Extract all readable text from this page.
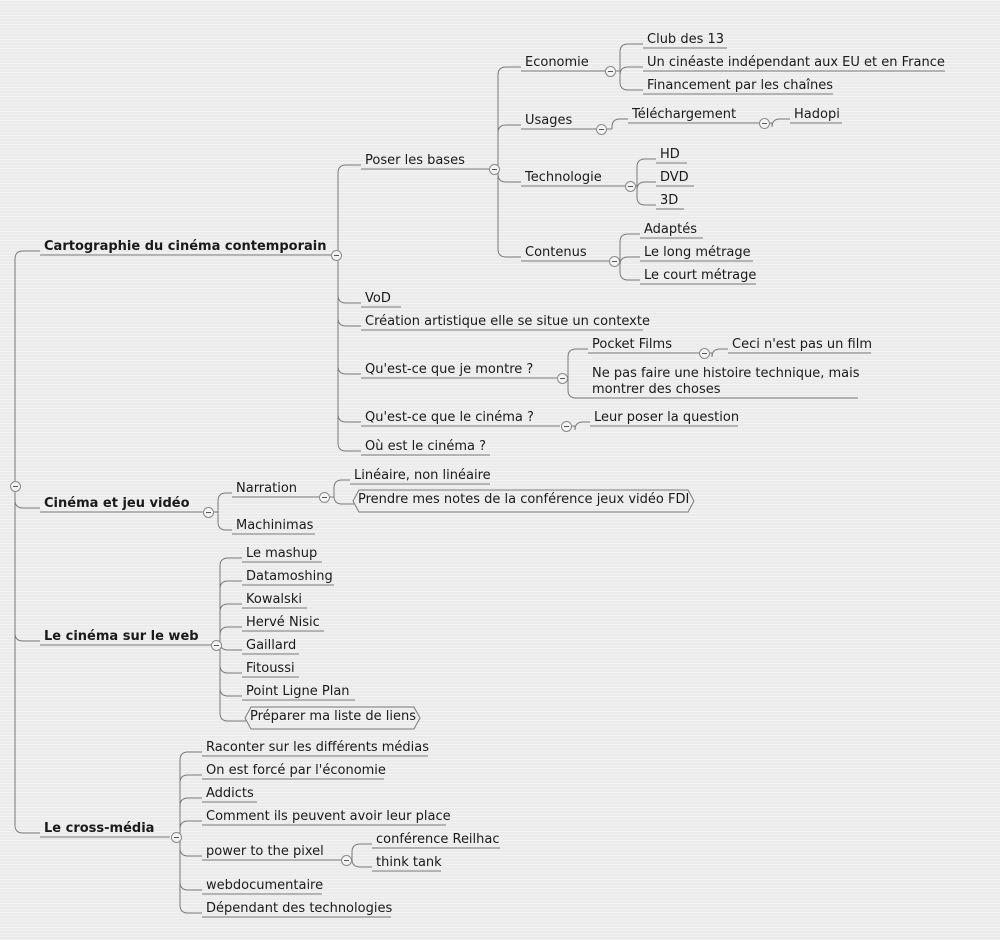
Cartographie du cinéma contemporain
Poser les bases
Economie
Club des 13
Un cinéaste indépendant aux EU et en France
Financement par les chaînes
Usages	Téléchargement	Hadopi
Technologie
HD
DVD
3D
Contenus
Adaptés
Le long métrage
Le court métrage
VoD
Création artistique elle se situe un contexte
Qu'est-ce que je montre ?
Pocket Films	Ceci n'est pas un film
Ne pas faire une histoire technique, mais montrer des choses
Qu'est-ce que le cinéma ?	Leur poser la question
Où est le cinéma ?
Cinéma et jeu vidéo
Narration
Linéaire, non linéaire
Prendre mes notes de la conférence jeux vidéo FDI
Machinimas
Le cinéma sur le web
Le mashup
Datamoshing
Kowalski
Hervé Nisic
Gaillard
Fitoussi
Point Ligne Plan
Préparer ma liste de liens
Le cross-média
Raconter sur les différents médias
On est forcé par l'économie
Addicts
Comment ils peuvent avoir leur place
power to the pixel
conférence Reilhac
think tank
webdocumentaire
Dépendant des technologies
